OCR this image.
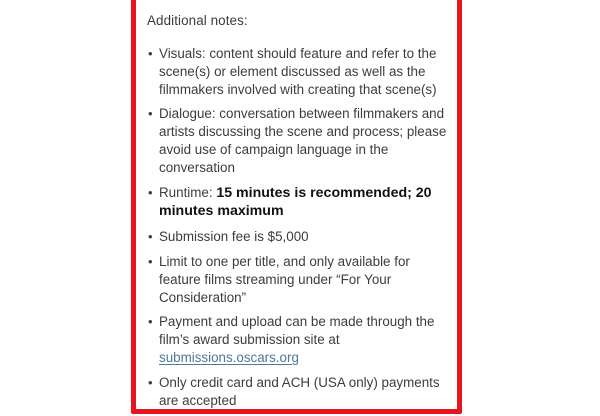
Additional notes:
• Visuals: content should feature and refer to the scene(s) or element discussed as well as the filmmakers involved with creating that scene(s)
• Dialogue: conversation between filmmakers and artists discussing the scene and process; please avoid use of campaign language in the conversation
• Runtime: 15 minutes is recommended; 20 minutes maximum
• Submission fee is $5,000
• Limit to one per title, and only available for feature films streaming under “For Your Consideration”
• Payment and upload can be made through the film’s award submission site at submissions.oscars.org
• Only credit card and ACH (USA only) payments are accepted
